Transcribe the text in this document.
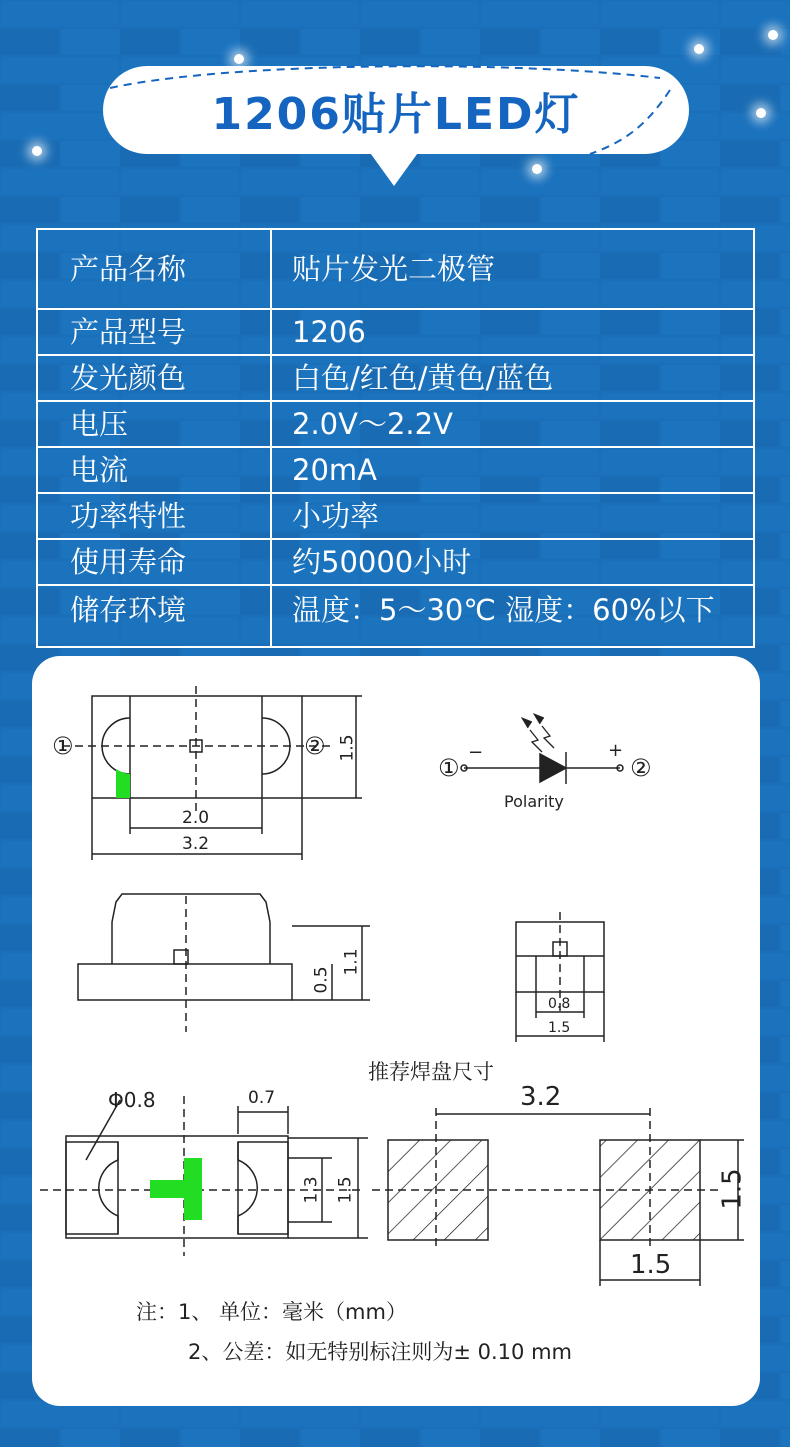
1206贴片LED灯
产品名称	贴片发光二极管
产品型号	1206
发光颜色	白色/红色/黄色/蓝色
电压	2.0V～2.2V
电流	20mA
功率特性	小功率
使用寿命	约50000小时
储存环境	温度：5～30℃ 湿度：60%以下
①	②
2.0
3.2
1.5
①
−	+
②
Polarity
0.5
1.1
0.8
1.5
推荐焊盘尺寸
Φ0.8	0.7
1.3 1.5
3.2
1.5
1.5
注：1、 单位：毫米（mm）
2、公差：如无特别标注则为± 0.10 mm
